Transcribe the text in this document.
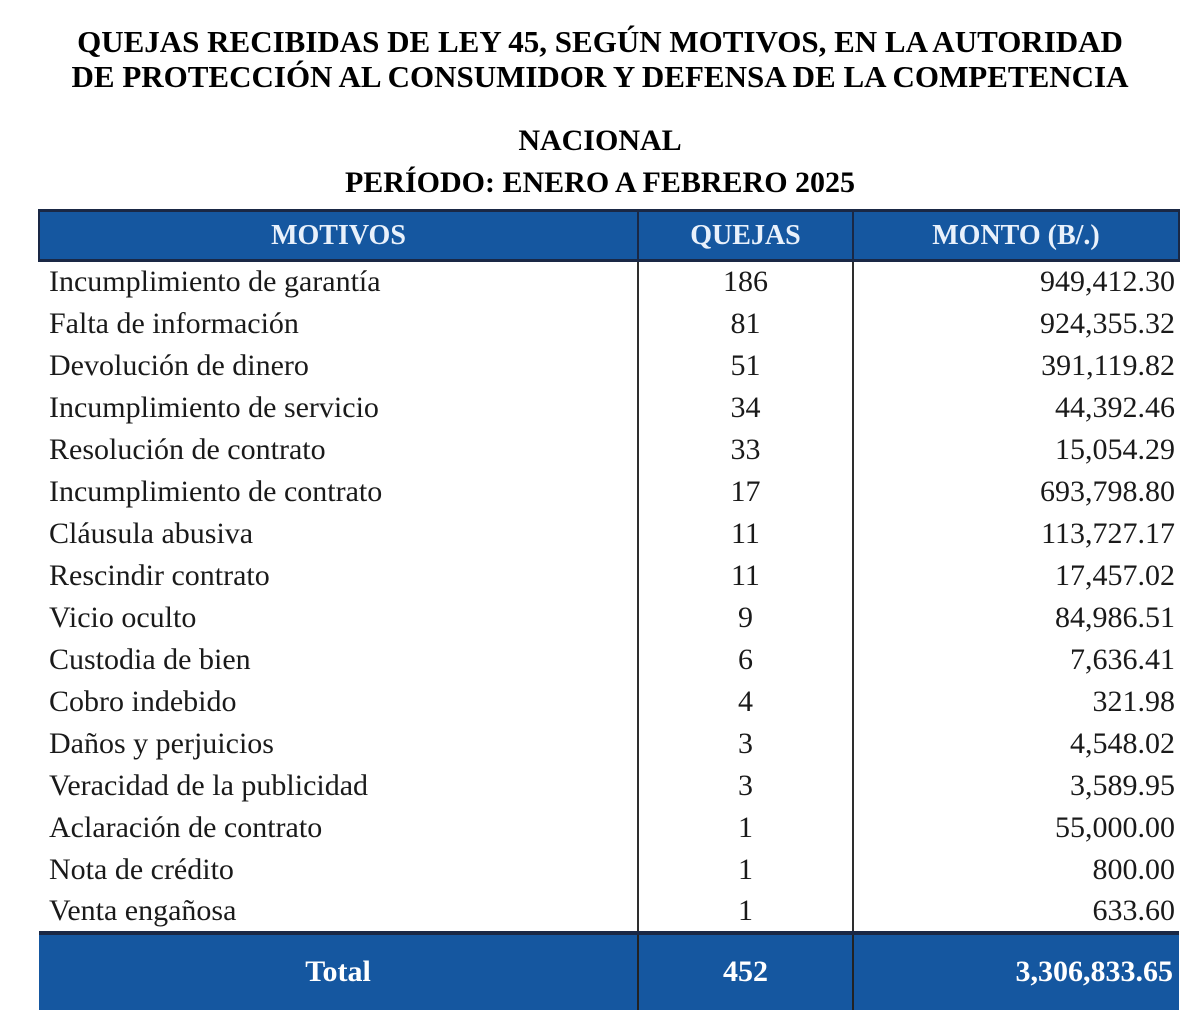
QUEJAS RECIBIDAS DE LEY 45, SEGÚN MOTIVOS, EN LA AUTORIDAD
DE PROTECCIÓN AL CONSUMIDOR Y DEFENSA DE LA COMPETENCIA
NACIONAL
PERÍODO: ENERO A FEBRERO 2025
MOTIVOS	QUEJAS	MONTO (B/.)
Incumplimiento de garantía	186	949,412.30
Falta de información	81	924,355.32
Devolución de dinero	51	391,119.82
Incumplimiento de servicio	34	44,392.46
Resolución de contrato	33	15,054.29
Incumplimiento de contrato	17	693,798.80
Cláusula abusiva	11	113,727.17
Rescindir contrato	11	17,457.02
Vicio oculto	9	84,986.51
Custodia de bien	6	7,636.41
Cobro indebido	4	321.98
Daños y perjuicios	3	4,548.02
Veracidad de la publicidad	3	3,589.95
Aclaración de contrato	1	55,000.00
Nota de crédito	1	800.00
Venta engañosa	1	633.60
Total	452	3,306,833.65
